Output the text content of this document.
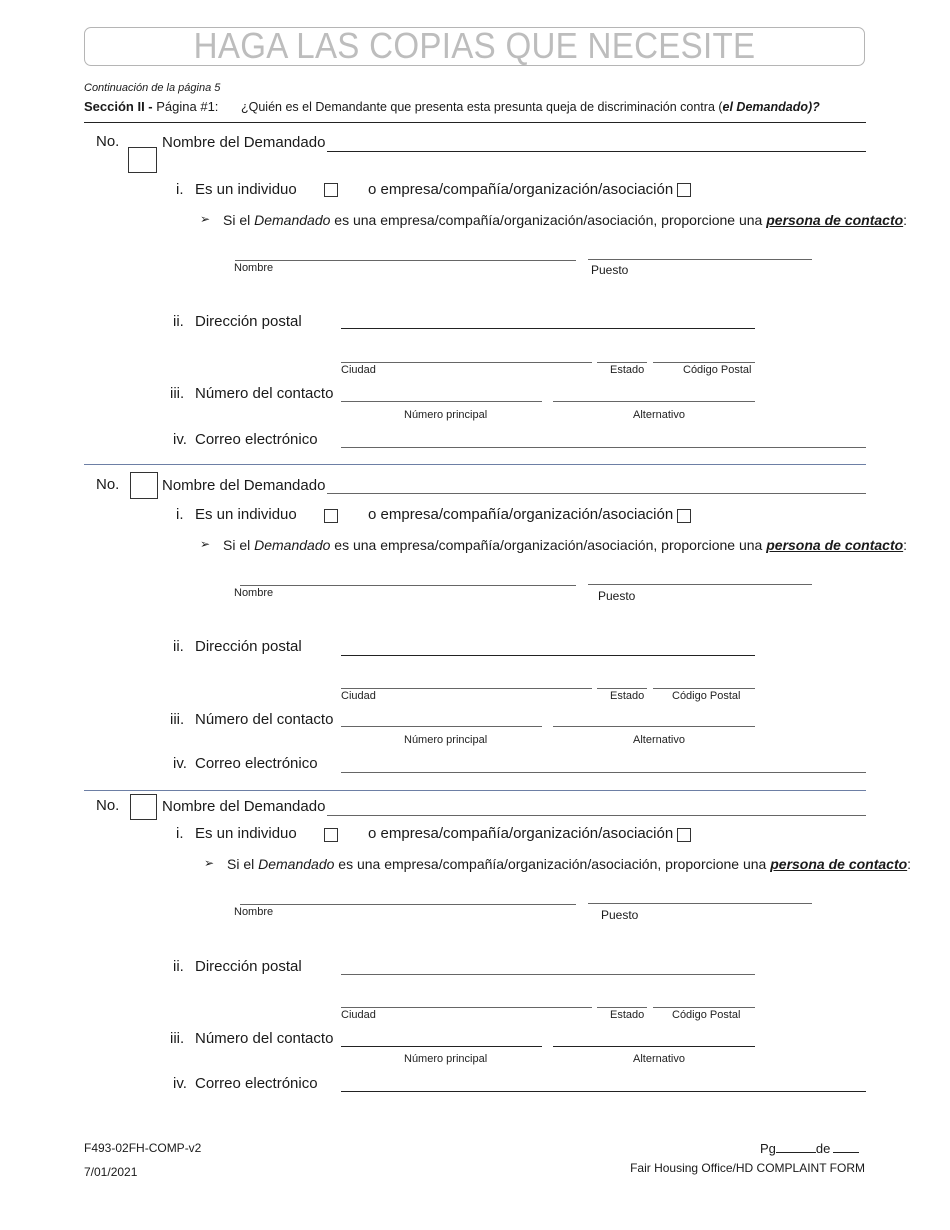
HAGA LAS COPIAS QUE NECESITE
Continuación de la página 5
Sección II - Página #1: ¿Quién es el Demandante que presenta esta presunta queja de discriminación contra (el Demandado)?
No.	Nombre del Demandado
i. Es un individuo	o empresa/compañía/organización/asociación
➢ Si el Demandado es una empresa/compañía/organización/asociación, proporcione una persona de contacto:
Nombre	Puesto
ii. Dirección postal
Ciudad	Estado	Código Postal
iii. Número del contacto
Número principal	Alternativo
iv. Correo electrónico
No.	Nombre del Demandado
i. Es un individuo	o empresa/compañía/organización/asociación
➢ Si el Demandado es una empresa/compañía/organización/asociación, proporcione una persona de contacto:
Nombre	Puesto
ii. Dirección postal
Ciudad	Estado	Código Postal
iii. Número del contacto
Número principal	Alternativo
iv. Correo electrónico
No.	Nombre del Demandado
i. Es un individuo	o empresa/compañía/organización/asociación
➢ Si el Demandado es una empresa/compañía/organización/asociación, proporcione una persona de contacto:
Nombre	Puesto
ii. Dirección postal
Ciudad	Estado	Código Postal
iii. Número del contacto
Número principal	Alternativo
iv. Correo electrónico
F493-02FH-COMP-v2
7/01/2021
Pg	de
Fair Housing Office/HD COMPLAINT FORM
